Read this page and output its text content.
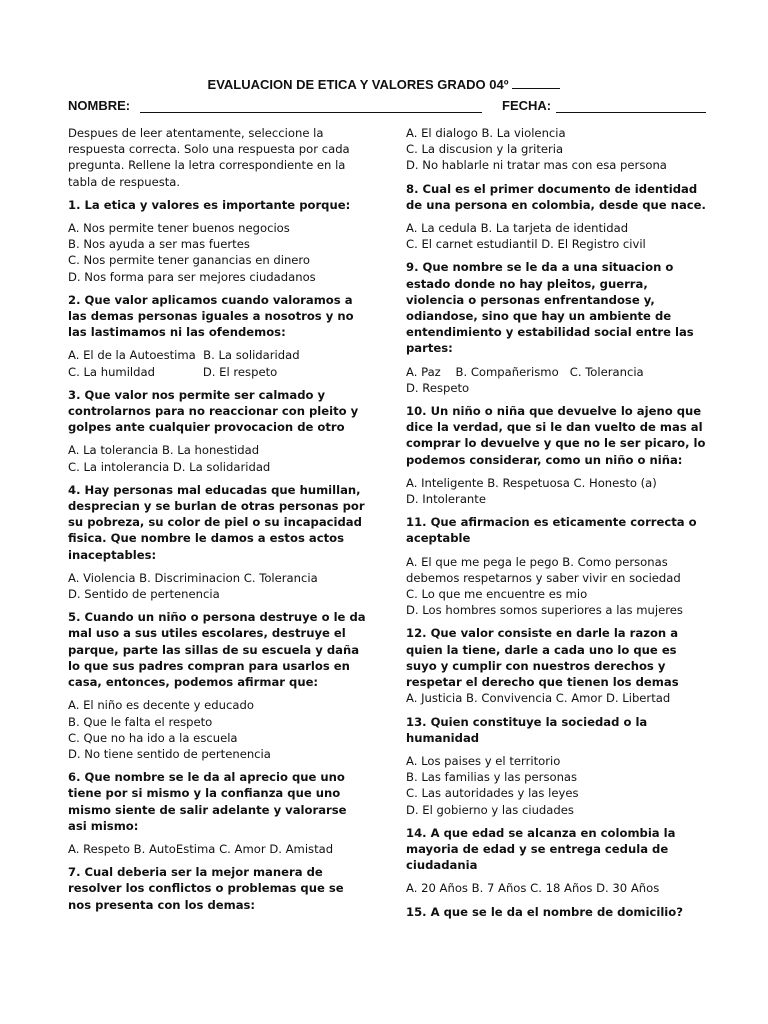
EVALUACION DE ETICA Y VALORES GRADO 04º
NOMBRE:	FECHA:

Despues de leer atentamente, seleccione la respuesta correcta. Solo una respuesta por cada pregunta. Rellene la letra correspondiente en la tabla de respuesta.

1. La etica y valores es importante porque:

A. Nos permite tener buenos negocios
B. Nos ayuda a ser mas fuertes
C. Nos permite tener ganancias en dinero
D. Nos forma para ser mejores ciudadanos

2. Que valor aplicamos cuando valoramos a las demas personas iguales a nosotros y no las lastimamos ni las ofendemos:

A. El de la Autoestima  B. La solidaridad
C. La humildad             D. El respeto

3. Que valor nos permite ser calmado y controlarnos para no reaccionar con pleito y golpes ante cualquier provocacion de otro

A. La tolerancia B. La honestidad
C. La intolerancia D. La solidaridad

4. Hay personas mal educadas que humillan, desprecian y se burlan de otras personas por su pobreza, su color de piel o su incapacidad fisica. Que nombre le damos a estos actos inaceptables:

A. Violencia B. Discriminacion C. Tolerancia
D. Sentido de pertenencia

5. Cuando un niño o persona destruye o le da mal uso a sus utiles escolares, destruye el parque, parte las sillas de su escuela y daña lo que sus padres compran para usarlos en casa, entonces, podemos afirmar que:

A. El niño es decente y educado
B. Que le falta el respeto
C. Que no ha ido a la escuela
D. No tiene sentido de pertenencia

6. Que nombre se le da al aprecio que uno tiene por si mismo y la confianza que uno mismo siente de salir adelante y valorarse asi mismo:

A. Respeto B. AutoEstima C. Amor D. Amistad

7. Cual deberia ser la mejor manera de resolver los conflictos o problemas que se nos presenta con los demas:

A. El dialogo B. La violencia
C. La discusion y la griteria
D. No hablarle ni tratar mas con esa persona

8. Cual es el primer documento de identidad de una persona en colombia, desde que nace.

A. La cedula B. La tarjeta de identidad
C. El carnet estudiantil D. El Registro civil

9. Que nombre se le da a una situacion o estado donde no hay pleitos, guerra, violencia o personas enfrentandose y, odiandose, sino que hay un ambiente de entendimiento y estabilidad social entre las partes:

A. Paz    B. Compañerismo   C. Tolerancia
D. Respeto

10. Un niño o niña que devuelve lo ajeno que dice la verdad, que si le dan vuelto de mas al comprar lo devuelve y que no le ser picaro, lo podemos considerar, como un niño o niña:

A. Inteligente B. Respetuosa C. Honesto (a)
D. Intolerante

11. Que afirmacion es eticamente correcta o aceptable

A. El que me pega le pego B. Como personas
debemos respetarnos y saber vivir en sociedad
C. Lo que me encuentre es mio
D. Los hombres somos superiores a las mujeres

12. Que valor consiste en darle la razon a quien la tiene, darle a cada uno lo que es suyo y cumplir con nuestros derechos y respetar el derecho que tienen los demas

A. Justicia B. Convivencia C. Amor D. Libertad

13. Quien constituye la sociedad o la humanidad

A. Los paises y el territorio
B. Las familias y las personas
C. Las autoridades y las leyes
D. El gobierno y las ciudades

14. A que edad se alcanza en colombia la mayoria de edad y se entrega cedula de ciudadania

A. 20 Años B. 7 Años C. 18 Años D. 30 Años

15. A que se le da el nombre de domicilio?
